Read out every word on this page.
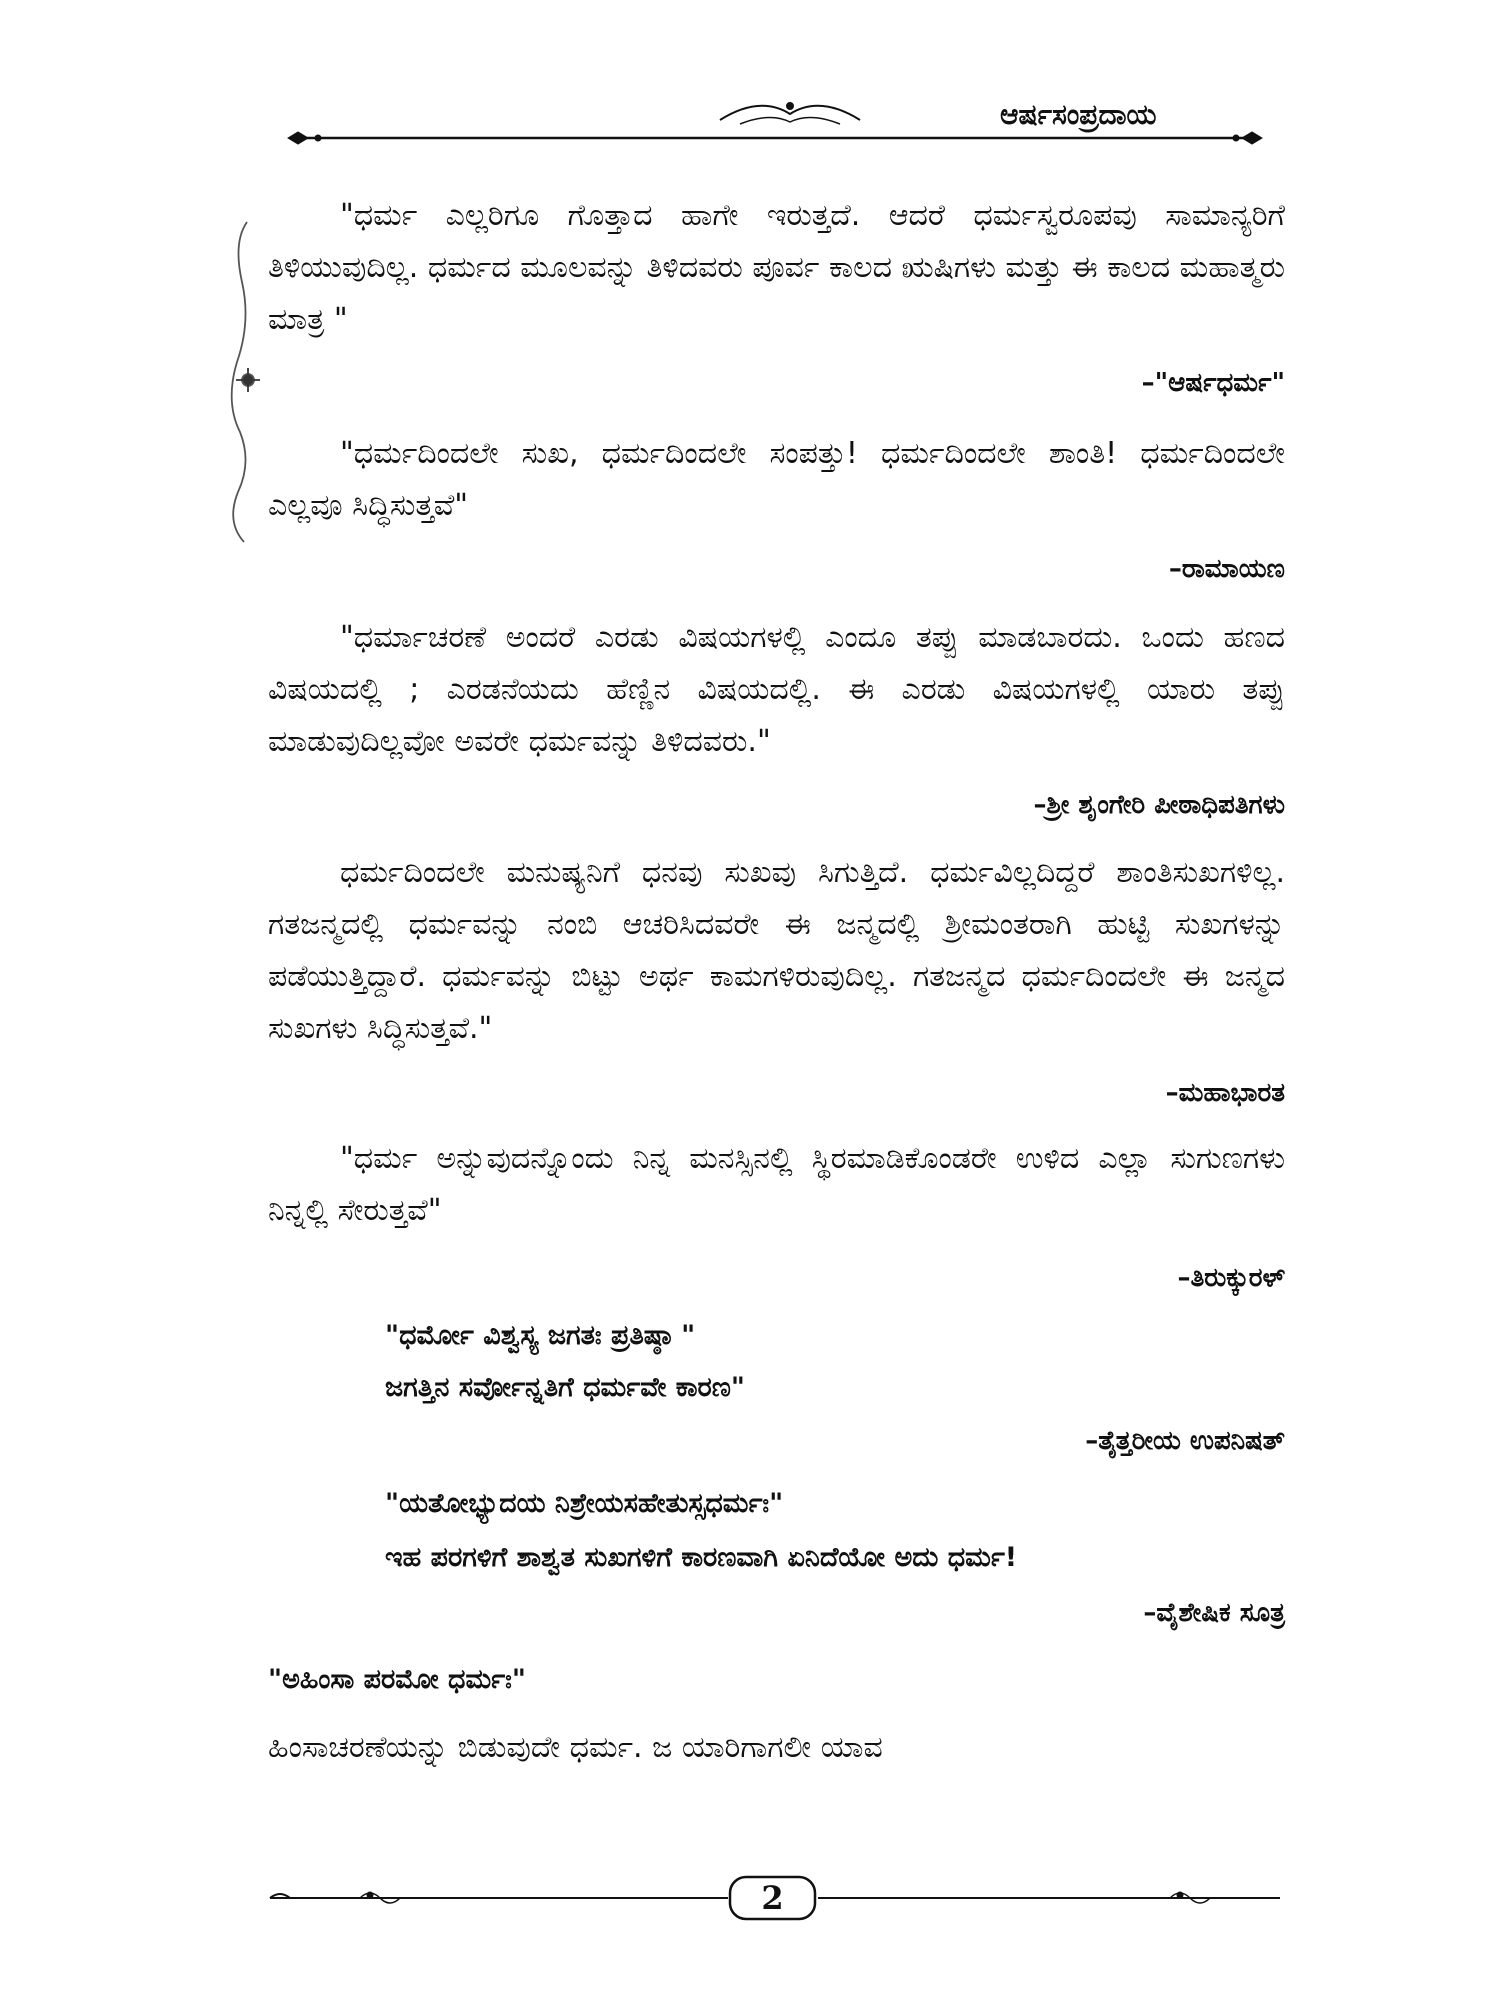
ಆರ್ಷಸಂಪ್ರದಾಯ
"ಧರ್ಮ ಎಲ್ಲರಿಗೂ ಗೊತ್ತಾದ ಹಾಗೇ ಇರುತ್ತದೆ. ಆದರೆ ಧರ್ಮಸ್ವರೂಪವು ಸಾಮಾನ್ಯರಿಗೆ ತಿಳಿಯುವುದಿಲ್ಲ. ಧರ್ಮದ ಮೂಲವನ್ನು ತಿಳಿದವರು ಪೂರ್ವ ಕಾಲದ ಋಷಿಗಳು ಮತ್ತು ಈ ಕಾಲದ ಮಹಾತ್ಮರು ಮಾತ್ರ "
–"ಆರ್ಷಧರ್ಮ"
"ಧರ್ಮದಿಂದಲೇ ಸುಖ, ಧರ್ಮದಿಂದಲೇ ಸಂಪತ್ತು! ಧರ್ಮದಿಂದಲೇ ಶಾಂತಿ! ಧರ್ಮದಿಂದಲೇ ಎಲ್ಲವೂ ಸಿದ್ಧಿಸುತ್ತವೆ"
–ರಾಮಾಯಣ
"ಧರ್ಮಾಚರಣೆ ಅಂದರೆ ಎರಡು ವಿಷಯಗಳಲ್ಲಿ ಎಂದೂ ತಪ್ಪು ಮಾಡಬಾರದು. ಒಂದು ಹಣದ ವಿಷಯದಲ್ಲಿ ; ಎರಡನೆಯದು ಹೆಣ್ಣಿನ ವಿಷಯದಲ್ಲಿ. ಈ ಎರಡು ವಿಷಯಗಳಲ್ಲಿ ಯಾರು ತಪ್ಪು ಮಾಡುವುದಿಲ್ಲವೋ ಅವರೇ ಧರ್ಮವನ್ನು ತಿಳಿದವರು."
–ಶ್ರೀ ಶೃಂಗೇರಿ ಪೀಠಾಧಿಪತಿಗಳು
ಧರ್ಮದಿಂದಲೇ ಮನುಷ್ಯನಿಗೆ ಧನವು ಸುಖವು ಸಿಗುತ್ತಿದೆ. ಧರ್ಮವಿಲ್ಲದಿದ್ದರೆ ಶಾಂತಿಸುಖಗಳಿಲ್ಲ. ಗತಜನ್ಮದಲ್ಲಿ ಧರ್ಮವನ್ನು ನಂಬಿ ಆಚರಿಸಿದವರೇ ಈ ಜನ್ಮದಲ್ಲಿ ಶ್ರೀಮಂತರಾಗಿ ಹುಟ್ಟಿ ಸುಖಗಳನ್ನು ಪಡೆಯುತ್ತಿದ್ದಾರೆ. ಧರ್ಮವನ್ನು ಬಿಟ್ಟು ಅರ್ಥ ಕಾಮಗಳಿರುವುದಿಲ್ಲ. ಗತಜನ್ಮದ ಧರ್ಮದಿಂದಲೇ ಈ ಜನ್ಮದ ಸುಖಗಳು ಸಿದ್ಧಿಸುತ್ತವೆ."
–ಮಹಾಭಾರತ
"ಧರ್ಮ ಅನ್ನುವುದನ್ನೊಂದು ನಿನ್ನ ಮನಸ್ಸಿನಲ್ಲಿ ಸ್ಥಿರಮಾಡಿಕೊಂಡರೇ ಉಳಿದ ಎಲ್ಲಾ ಸುಗುಣಗಳು ನಿನ್ನಲ್ಲಿ ಸೇರುತ್ತವೆ"
–ತಿರುಕ್ಕುರಳ್
"ಧರ್ಮೋ ವಿಶ್ವಸ್ಯ ಜಗತಃ ಪ್ರತಿಷ್ಠಾ "
ಜಗತ್ತಿನ ಸರ್ವೋನ್ನತಿಗೆ ಧರ್ಮವೇ ಕಾರಣ"
–ತೈತ್ತರೀಯ ಉಪನಿಷತ್
"ಯತೋಭ್ಯುದಯ ನಿಶ್ರೇಯಸಹೇತುಸ್ಸಧರ್ಮಃ"
ಇಹ ಪರಗಳಿಗೆ ಶಾಶ್ವತ ಸುಖಗಳಿಗೆ ಕಾರಣವಾಗಿ ಏನಿದೆಯೋ ಅದು ಧರ್ಮ!
–ವೈಶೇಷಿಕ ಸೂತ್ರ
"ಅಹಿಂಸಾ ಪರಮೋ ಧರ್ಮಃ"
ಹಿಂಸಾಚರಣೆಯನ್ನು ಬಿಡುವುದೇ ಧರ್ಮ. ಜ ಯಾರಿಗಾಗಲೀ ಯಾವ
2
